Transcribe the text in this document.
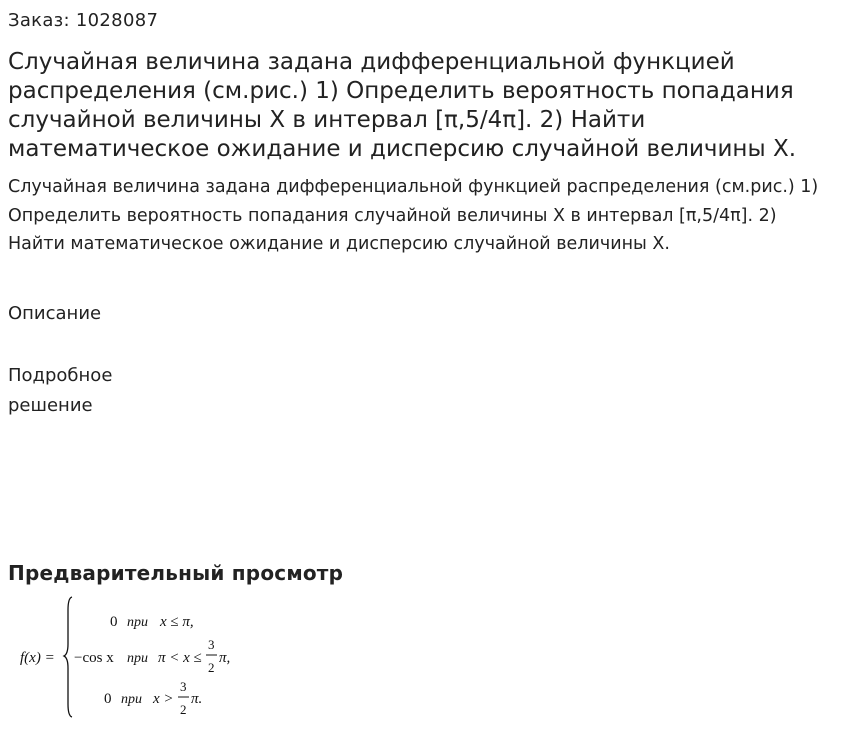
Заказ: 1028087
Случайная величина задана дифференциальной функцией распределения (см.рис.) 1) Определить вероятность попадания случайной величины X в интервал [π,5/4π]. 2) Найти математическое ожидание и дисперсию случайной величины X.

Случайная величина задана дифференциальной функцией распределения (см.рис.) 1) Определить вероятность попадания случайной величины X в интервал [π,5/4π]. 2) Найти математическое ожидание и дисперсию случайной величины X.

Описание
Подробное решение
Предварительный просмотр
f(x) =
0 при x ≤ π,
−cos x при π < x ≤
3
2
π,
0 при x >
3
2
π.
